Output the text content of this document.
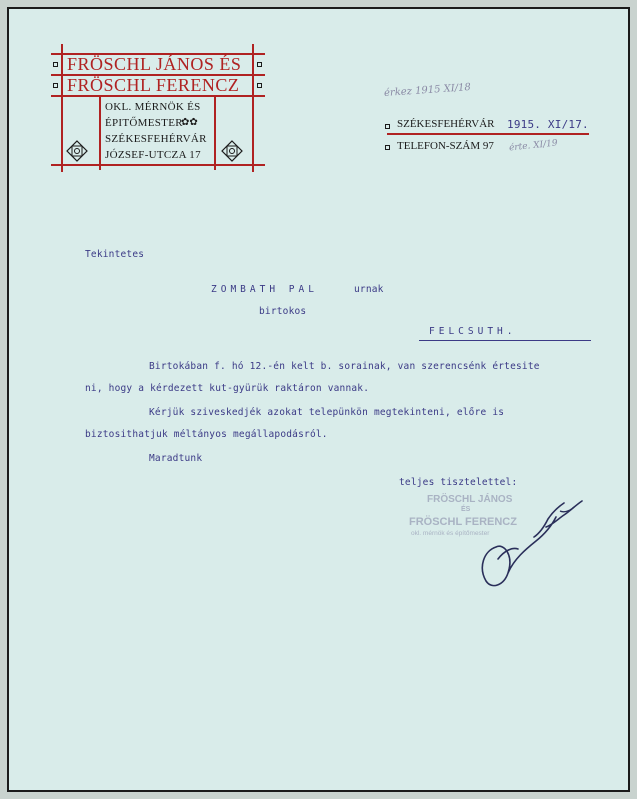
FRÖSCHL JÁNOS ÉS
FRÖSCHL FERENCZ
OKL. MÉRNÖK ÉS
ÉPITŐMESTER
✿✿
SZÉKESFEHÉRVÁR
JÓZSEF-UTCZA 17
érkez 1915 XI/18
SZÉKESFEHÉRVÁR 1915. XI/17.
TELEFON-SZÁM 97 érte. XI/19
Tekintetes
ZOMBATH PAL	urnak
birtokos
FELCSUTH.
Birtokában f. hó 12.-én kelt b. sorainak, van szerencsénk értesite
ni, hogy a kérdezett kut-gyürük raktáron vannak.
Kérjük sziveskedjék azokat telepünkön megtekinteni, előre is
biztosithatjuk méltányos megállapodásról.
Maradtunk
teljes tisztelettel:
FRÖSCHL JÁNOS
ÉS
FRÖSCHL FERENCZ
okl. mérnök és építőmester
